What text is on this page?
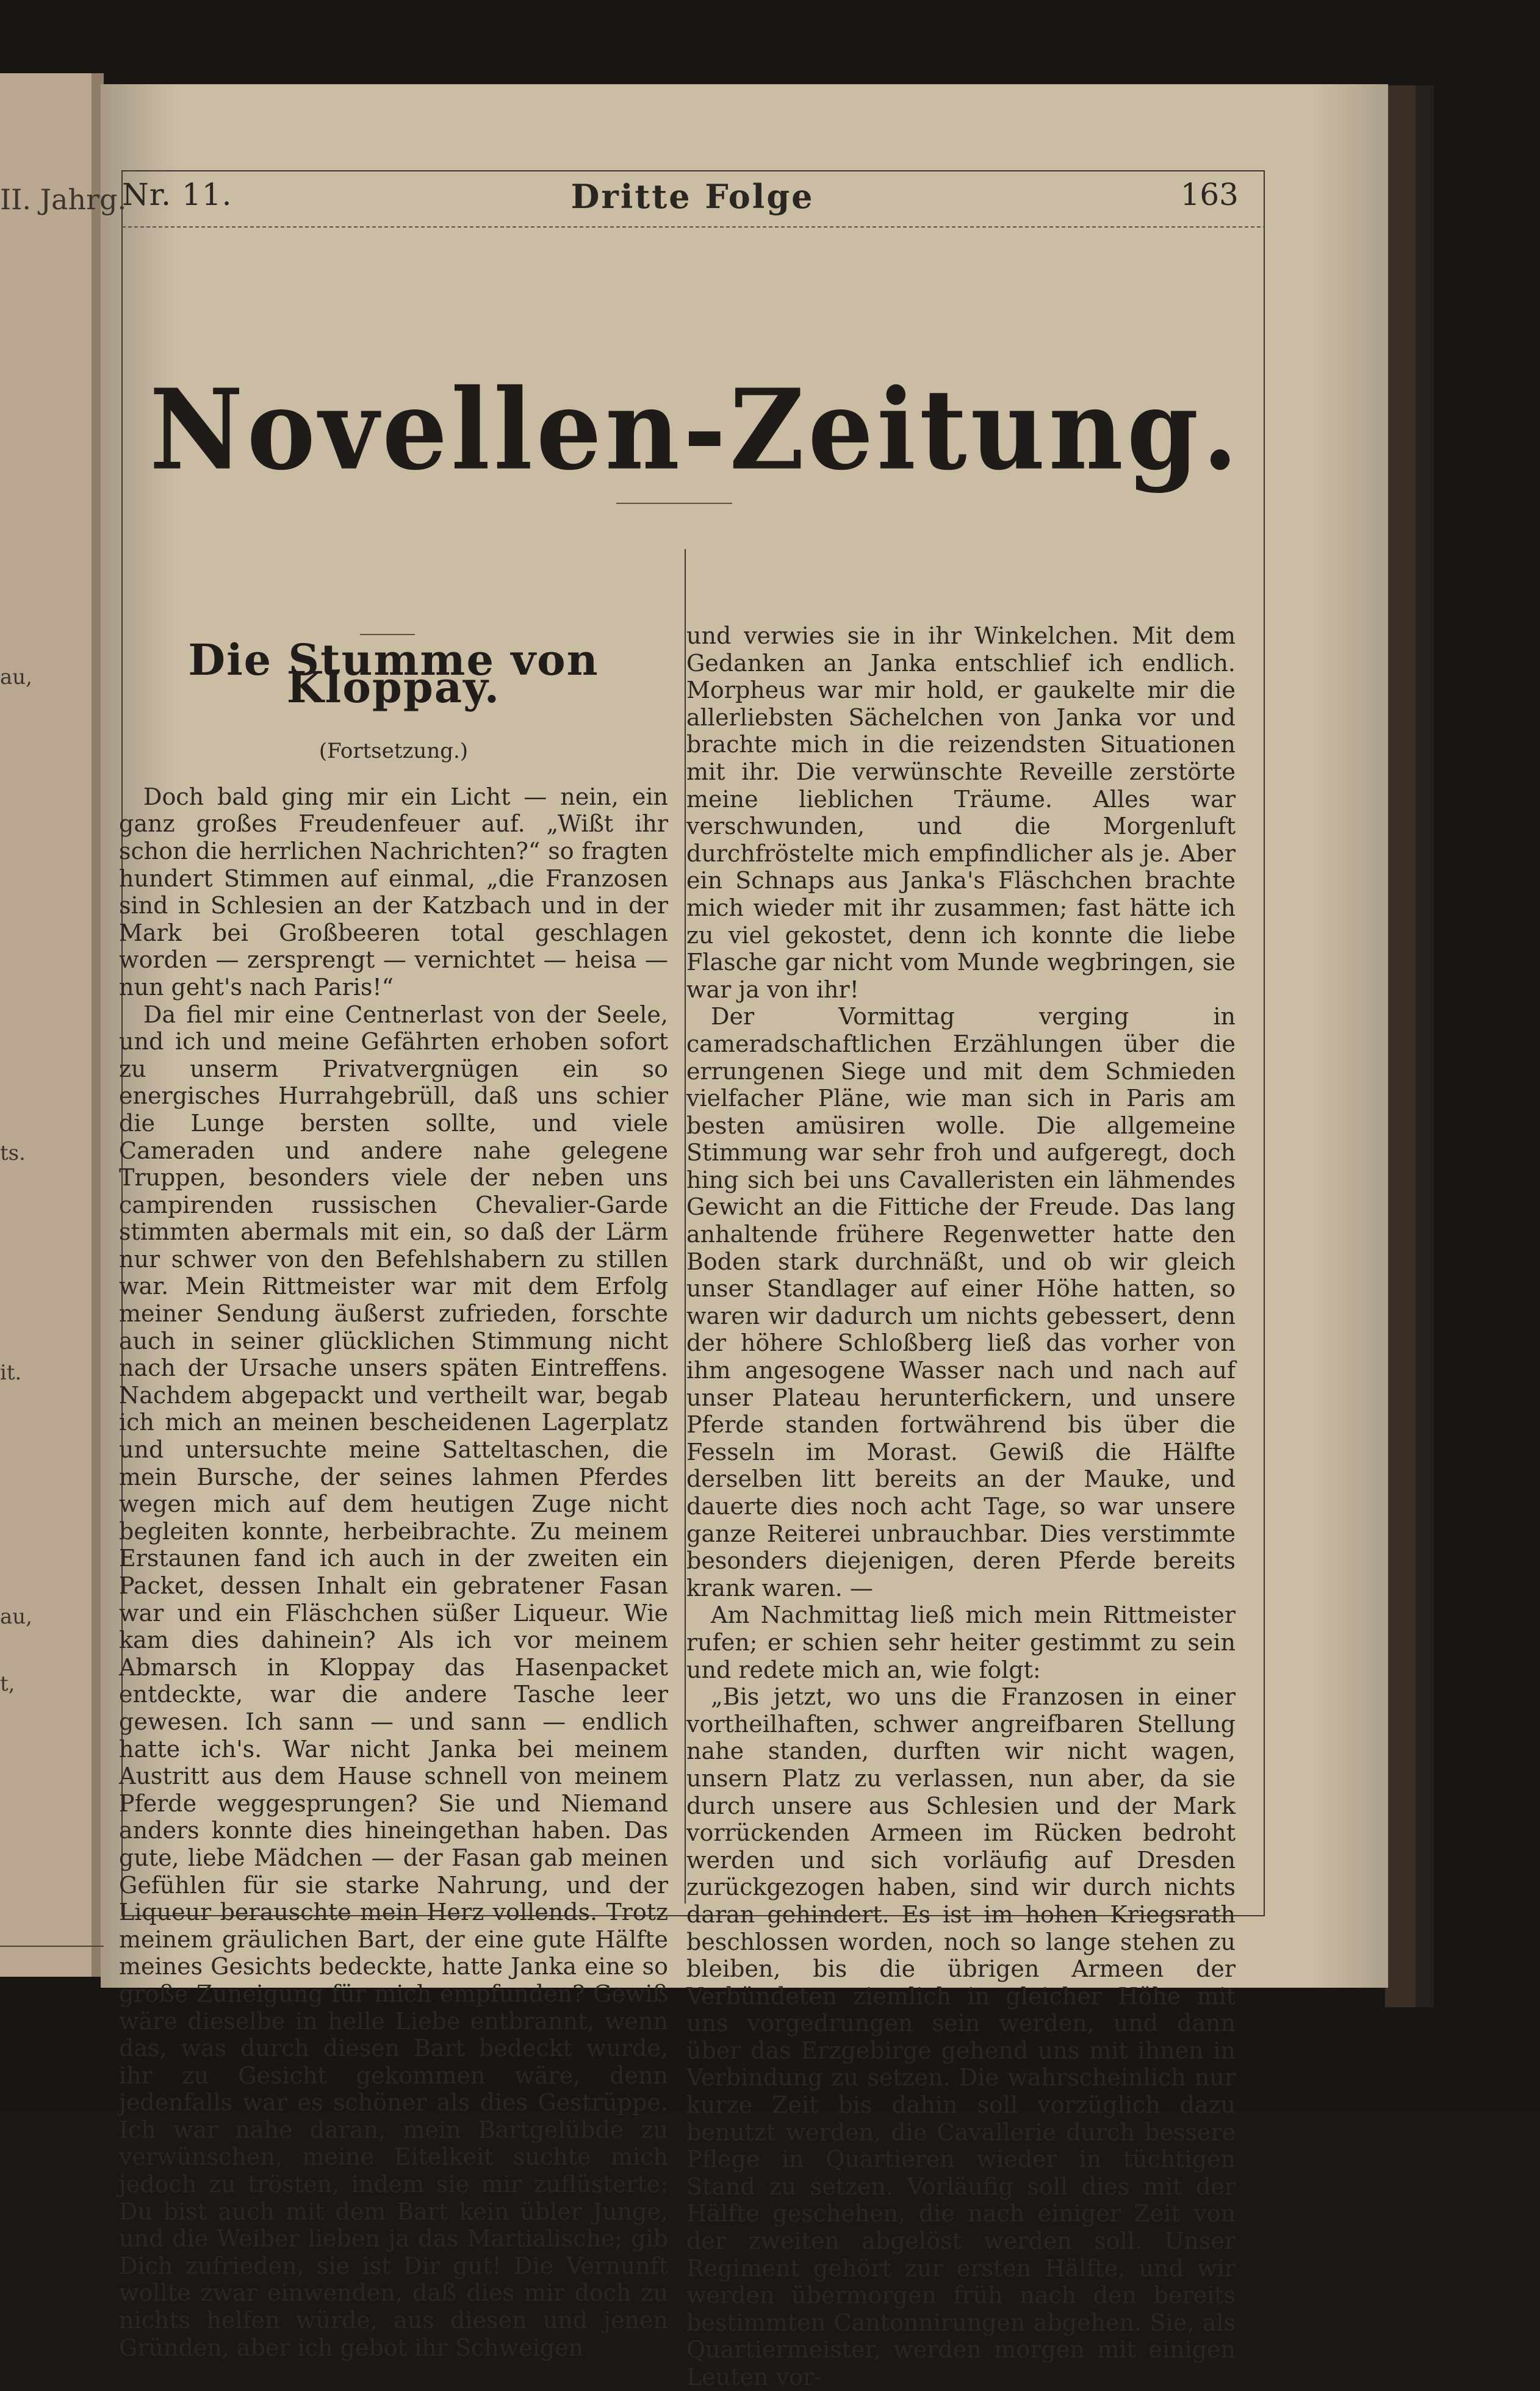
II. Jahrg.
au,
ts.
it.
au,
t,
Nr. 11.	Dritte Folge	163
Novellen-Zeitung.
Die Stumme von Kloppay.
(Fortsetzung.)

Doch bald ging mir ein Licht — nein, ein ganz großes Freudenfeuer auf. „Wißt ihr schon die herrlichen Nachrichten?“ so fragten hundert Stimmen auf einmal, „die Franzosen sind in Schlesien an der Katzbach und in der Mark bei Großbeeren total geschlagen worden — zersprengt — vernichtet — heisa — nun geht's nach Paris!“

Da fiel mir eine Centnerlast von der Seele, und ich und meine Gefährten erhoben sofort zu unserm Privatvergnügen ein so energisches Hurrahgebrüll, daß uns schier die Lunge bersten sollte, und viele Cameraden und andere nahe gelegene Truppen, besonders viele der neben uns campirenden russischen Chevalier-Garde stimmten abermals mit ein, so daß der Lärm nur schwer von den Befehlshabern zu stillen war. Mein Rittmeister war mit dem Erfolg meiner Sendung äußerst zufrieden, forschte auch in seiner glücklichen Stimmung nicht nach der Ursache unsers späten Eintreffens. Nachdem abgepackt und vertheilt war, begab ich mich an meinen bescheidenen Lagerplatz und untersuchte meine Satteltaschen, die mein Bursche, der seines lahmen Pferdes wegen mich auf dem heutigen Zuge nicht begleiten konnte, herbeibrachte. Zu meinem Erstaunen fand ich auch in der zweiten ein Packet, dessen Inhalt ein gebratener Fasan war und ein Fläschchen süßer Liqueur. Wie kam dies dahinein? Als ich vor meinem Abmarsch in Kloppay das Hasenpacket entdeckte, war die andere Tasche leer gewesen. Ich sann — und sann — endlich hatte ich's. War nicht Janka bei meinem Austritt aus dem Hause schnell von meinem Pferde weggesprungen? Sie und Niemand anders konnte dies hineingethan haben. Das gute, liebe Mädchen — der Fasan gab meinen Gefühlen für sie starke Nahrung, und der Liqueur berauschte mein Herz vollends. Trotz meinem gräulichen Bart, der eine gute Hälfte meines Gesichts bedeckte, hatte Janka eine so große Zuneigung für mich empfunden? Gewiß wäre dieselbe in helle Liebe entbrannt, wenn das, was durch diesen Bart bedeckt wurde, ihr zu Gesicht gekommen wäre, denn jedenfalls war es schöner als dies Gestrüppe. Ich war nahe daran, mein Bartgelübde zu verwünschen, meine Eitelkeit suchte mich jedoch zu trösten, indem sie mir zuflüsterte: Du bist auch mit dem Bart kein übler Junge, und die Weiber lieben ja das Martialische; gib Dich zufrieden, sie ist Dir gut! Die Vernunft wollte zwar einwenden, daß dies mir doch zu nichts helfen würde, aus diesen und jenen Gründen, aber ich gebot ihr Schweigen

und verwies sie in ihr Winkelchen. Mit dem Gedanken an Janka entschlief ich endlich. Morpheus war mir hold, er gaukelte mir die allerliebsten Sächelchen von Janka vor und brachte mich in die reizendsten Situationen mit ihr. Die verwünschte Reveille zerstörte meine lieblichen Träume. Alles war verschwunden, und die Morgenluft durchfröstelte mich empfindlicher als je. Aber ein Schnaps aus Janka's Fläschchen brachte mich wieder mit ihr zusammen; fast hätte ich zu viel gekostet, denn ich konnte die liebe Flasche gar nicht vom Munde wegbringen, sie war ja von ihr!

Der Vormittag verging in cameradschaftlichen Erzählungen über die errungenen Siege und mit dem Schmieden vielfacher Pläne, wie man sich in Paris am besten amüsiren wolle. Die allgemeine Stimmung war sehr froh und aufgeregt, doch hing sich bei uns Cavalleristen ein lähmendes Gewicht an die Fittiche der Freude. Das lang anhaltende frühere Regenwetter hatte den Boden stark durchnäßt, und ob wir gleich unser Standlager auf einer Höhe hatten, so waren wir dadurch um nichts gebessert, denn der höhere Schloßberg ließ das vorher von ihm angesogene Wasser nach und nach auf unser Plateau herunterfickern, und unsere Pferde standen fortwährend bis über die Fesseln im Morast. Gewiß die Hälfte derselben litt bereits an der Mauke, und dauerte dies noch acht Tage, so war unsere ganze Reiterei unbrauchbar. Dies verstimmte besonders diejenigen, deren Pferde bereits krank waren. —

Am Nachmittag ließ mich mein Rittmeister rufen; er schien sehr heiter gestimmt zu sein und redete mich an, wie folgt:

„Bis jetzt, wo uns die Franzosen in einer vortheilhaften, schwer angreifbaren Stellung nahe standen, durften wir nicht wagen, unsern Platz zu verlassen, nun aber, da sie durch unsere aus Schlesien und der Mark vorrückenden Armeen im Rücken bedroht werden und sich vorläufig auf Dresden zurückgezogen haben, sind wir durch nichts daran gehindert. Es ist im hohen Kriegsrath beschlossen worden, noch so lange stehen zu bleiben, bis die übrigen Armeen der Verbündeten ziemlich in gleicher Höhe mit uns vorgedrungen sein werden, und dann über das Erzgebirge gehend uns mit ihnen in Verbindung zu setzen. Die wahrscheinlich nur kurze Zeit bis dahin soll vorzüglich dazu benutzt werden, die Cavallerie durch bessere Pflege in Quartieren wieder in tüchtigen Stand zu setzen. Vorläufig soll dies mit der Hälfte geschehen, die nach einiger Zeit von der zweiten abgelöst werden soll. Unser Regiment gehört zur ersten Hälfte, und wir werden übermorgen früh nach den bereits bestimmten Cantonnirungen abgehen. Sie, als Quartiermeister, werden morgen mit einigen Leuten vor-
